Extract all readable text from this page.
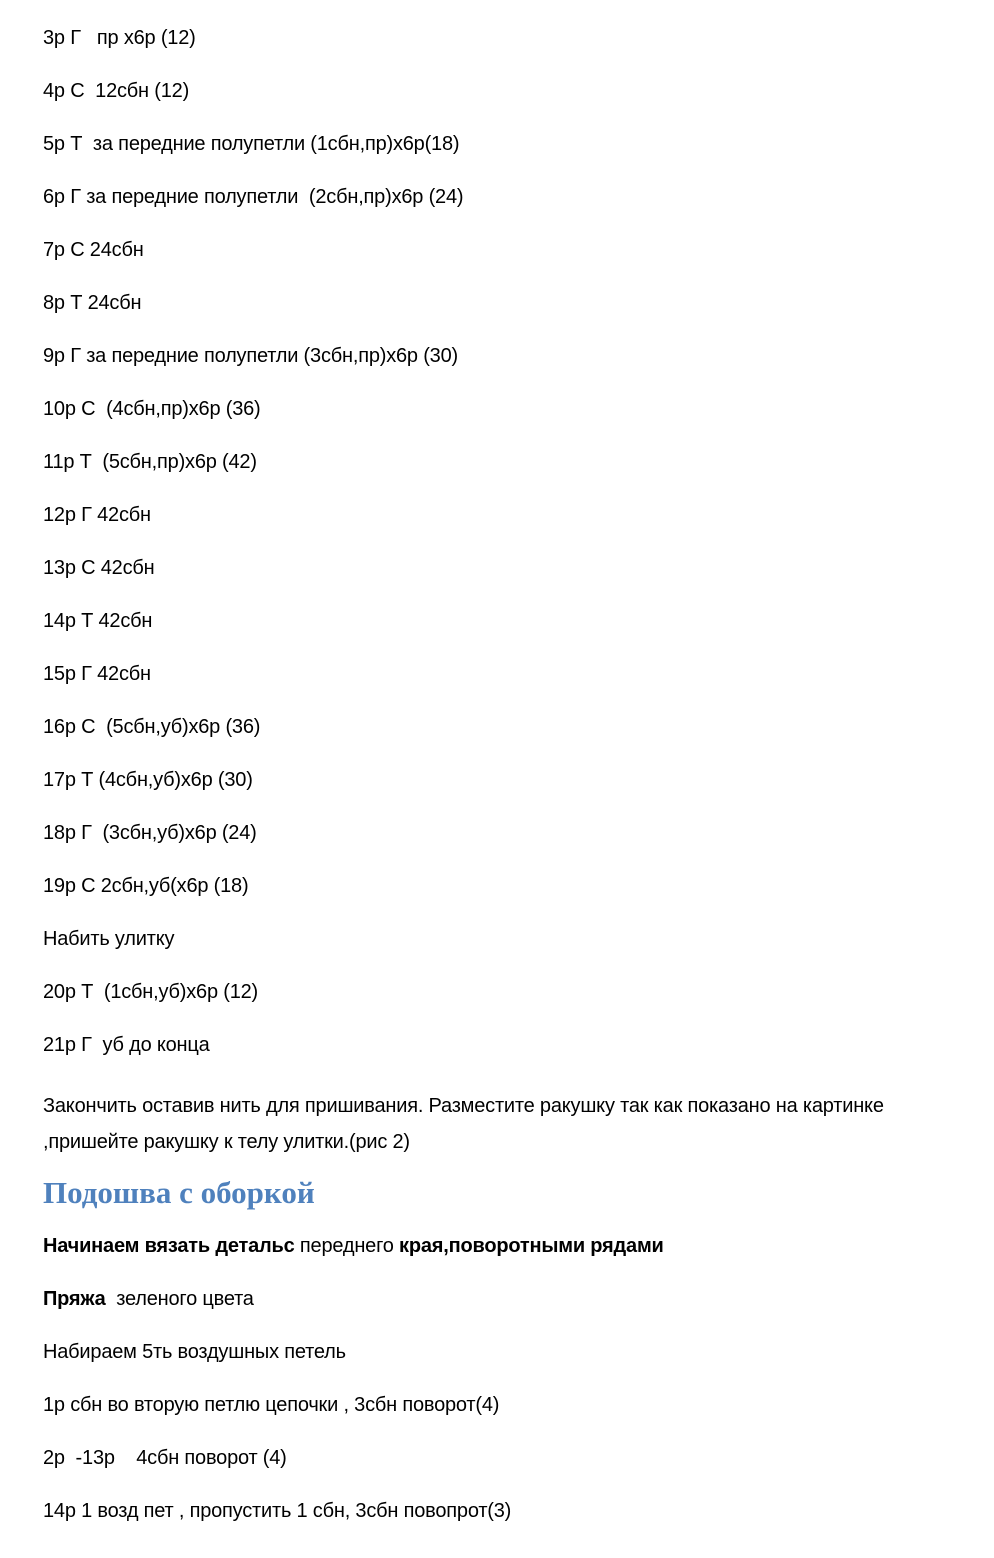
3р Г   пр х6р (12)

4р С  12сбн (12)

5р Т  за передние полупетли (1сбн,пр)х6р(18)

6р Г за передние полупетли  (2сбн,пр)х6р (24)

7р С 24сбн

8р Т 24сбн

9р Г за передние полупетли (3сбн,пр)х6р (30)

10р С  (4сбн,пр)х6р (36)

11р Т  (5сбн,пр)х6р (42)

12р Г 42сбн

13р С 42сбн

14р Т 42сбн

15р Г 42сбн

16р С  (5сбн,уб)х6р (36)

17р Т (4сбн,уб)х6р (30)

18р Г  (3сбн,уб)х6р (24)

19р С 2сбн,уб(х6р (18)

Набить улитку

20р Т  (1сбн,уб)х6р (12)

21р Г  уб до конца

Закончить оставив нить для пришивания. Разместите ракушку так как показано на картинке ,пришейте ракушку к телу улитки.(рис 2)

Подошва с оборкой

Начинаем вязать детальс переднего края,поворотными рядами

Пряжа  зеленого цвета

Набираем 5ть воздушных петель

1р сбн во вторую петлю цепочки , 3сбн поворот(4)

2р  -13р    4сбн поворот (4)

14р 1 возд пет , пропустить 1 сбн, 3сбн повопрот(3)
